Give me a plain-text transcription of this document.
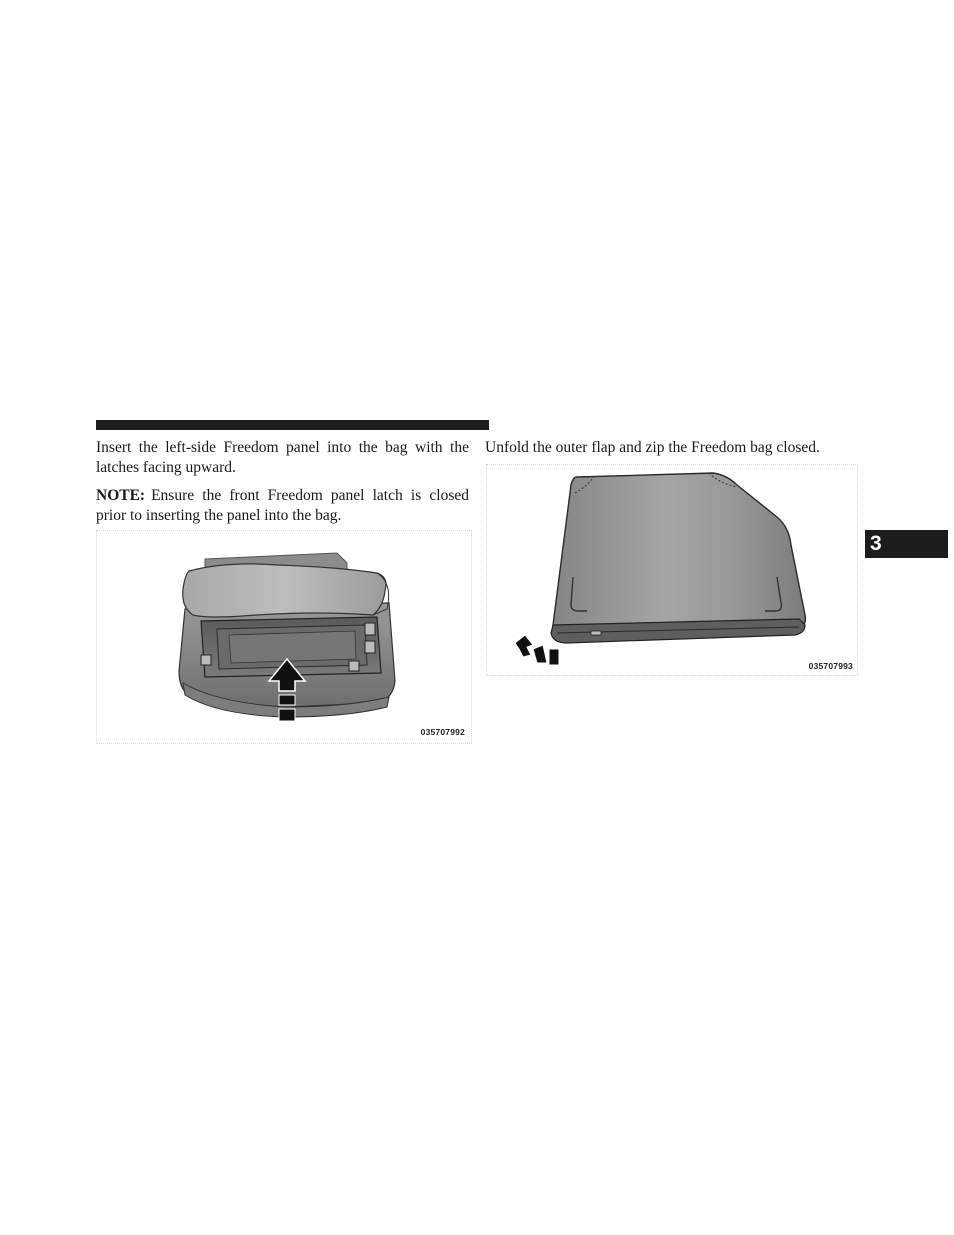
Insert the left-side Freedom panel into the bag with the latches facing upward.

NOTE: Ensure the front Freedom panel latch is closed prior to inserting the panel into the bag.

035707992

Unfold the outer flap and zip the Freedom bag closed.

035707993
3
